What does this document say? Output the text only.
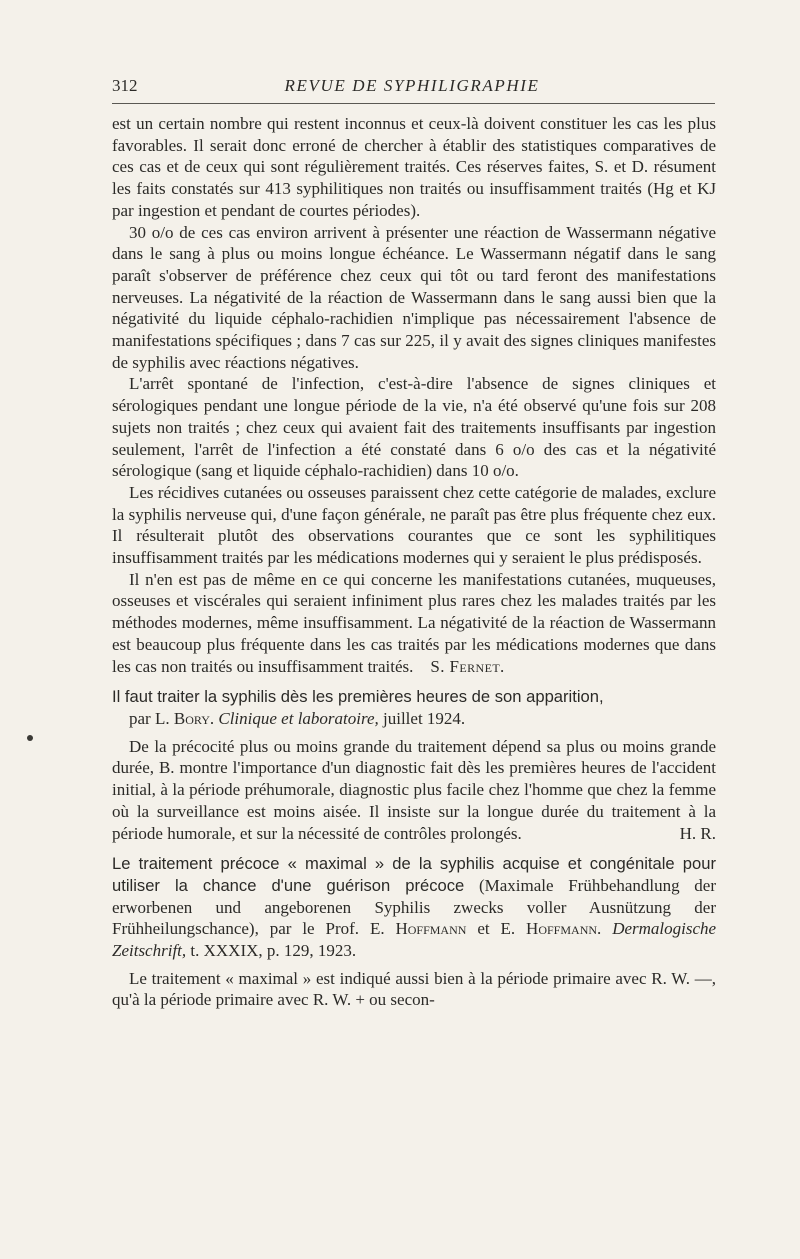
312	REVUE DE SYPHILIGRAPHIE

est un certain nombre qui restent inconnus et ceux-là doivent constituer les cas les plus favorables. Il serait donc erroné de chercher à établir des statistiques comparatives de ces cas et de ceux qui sont régulièrement traités. Ces réserves faites, S. et D. résument les faits constatés sur 413 syphilitiques non traités ou insuffisamment traités (Hg et KJ par ingestion et pendant de courtes périodes).

30 o/o de ces cas environ arrivent à présenter une réaction de Wassermann négative dans le sang à plus ou moins longue échéance. Le Wassermann négatif dans le sang paraît s'observer de préférence chez ceux qui tôt ou tard feront des manifestations nerveuses. La négativité de la réaction de Wassermann dans le sang aussi bien que la négativité du liquide céphalo-rachidien n'implique pas nécessairement l'absence de manifestations spécifiques ; dans 7 cas sur 225, il y avait des signes cliniques manifestes de syphilis avec réactions négatives.

L'arrêt spontané de l'infection, c'est-à-dire l'absence de signes cliniques et sérologiques pendant une longue période de la vie, n'a été observé qu'une fois sur 208 sujets non traités ; chez ceux qui avaient fait des traitements insuffisants par ingestion seulement, l'arrêt de l'infection a été constaté dans 6 o/o des cas et la négativité sérologique (sang et liquide céphalo-rachidien) dans 10 o/o.

Les récidives cutanées ou osseuses paraissent chez cette catégorie de malades, exclure la syphilis nerveuse qui, d'une façon générale, ne paraît pas être plus fréquente chez eux. Il résulterait plutôt des observations courantes que ce sont les syphilitiques insuffisamment traités par les médications modernes qui y seraient le plus prédisposés.

Il n'en est pas de même en ce qui concerne les manifestations cutanées, muqueuses, osseuses et viscérales qui seraient infiniment plus rares chez les malades traités par les méthodes modernes, même insuffisamment. La négativité de la réaction de Wassermann est beaucoup plus fréquente dans les cas traités par les médications modernes que dans les cas non traités ou insuffisamment traités. S. Fernet.

Il faut traiter la syphilis dès les premières heures de son apparition,
par L. Bory. Clinique et laboratoire, juillet 1924.

De la précocité plus ou moins grande du traitement dépend sa plus ou moins grande durée, B. montre l'importance d'un diagnostic fait dès les premières heures de l'accident initial, à la période préhumorale, diagnostic plus facile chez l'homme que chez la femme où la surveillance est moins aisée. Il insiste sur la longue durée du traitement à la période humorale, et sur la nécessité de contrôles prolongés.	H. R.

Le traitement précoce « maximal » de la syphilis acquise et congénitale pour utiliser la chance d'une guérison précoce (Maximale Frühbehandlung der erworbenen und angeborenen Syphilis zwecks voller Ausnützung der Frühheilungschance), par le Prof. E. Hoffmann et E. Hoffmann. Dermalogische Zeitschrift, t. XXXIX, p. 129, 1923.

Le traitement « maximal » est indiqué aussi bien à la période primaire avec R. W. —, qu'à la période primaire avec R. W. + ou secon-
